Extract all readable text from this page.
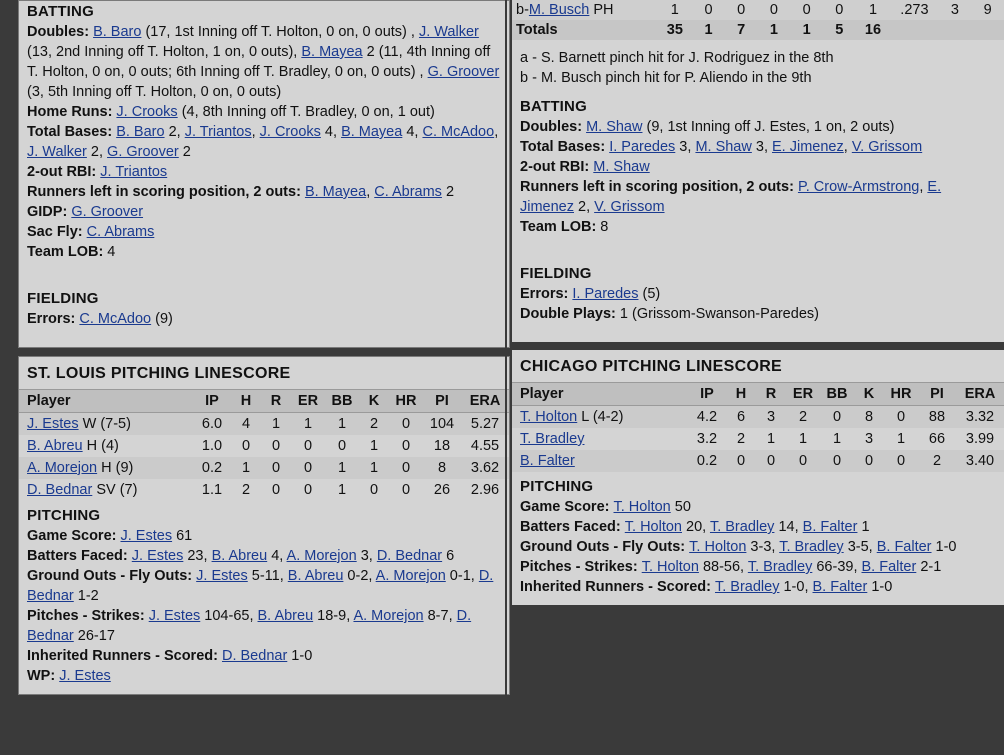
BATTING
Doubles: B. Baro (17, 1st Inning off T. Holton, 0 on, 0 outs) , J. Walker (13, 2nd Inning off T. Holton, 1 on, 0 outs), B. Mayea 2 (11, 4th Inning off T. Holton, 0 on, 0 outs; 6th Inning off T. Bradley, 0 on, 0 outs) , G. Groover (3, 5th Inning off T. Holton, 0 on, 0 outs)
Home Runs: J. Crooks (4, 8th Inning off T. Bradley, 0 on, 1 out)
Total Bases: B. Baro 2, J. Triantos, J. Crooks 4, B. Mayea 4, C. McAdoo, J. Walker 2, G. Groover 2
2-out RBI: J. Triantos
Runners left in scoring position, 2 outs: B. Mayea, C. Abrams 2
GIDP: G. Groover
Sac Fly: C. Abrams
Team LOB: 4
FIELDING
Errors: C. McAdoo (9)
ST. LOUIS PITCHING LINESCORE
Player	IP	H	R	ER	BB	K	HR	PI	ERA
J. Estes W (7-5)	6.0	4	1	1	1	2	0	104	5.27
B. Abreu H (4)	1.0	0	0	0	0	1	0	18	4.55
A. Morejon H (9)	0.2	1	0	0	1	1	0	8	3.62
D. Bednar SV (7)	1.1	2	0	0	1	0	0	26	2.96
PITCHING
Game Score: J. Estes 61
Batters Faced: J. Estes 23, B. Abreu 4, A. Morejon 3, D. Bednar 6
Ground Outs - Fly Outs: J. Estes 5-11, B. Abreu 0-2, A. Morejon 0-1, D. Bednar 1-2
Pitches - Strikes: J. Estes 104-65, B. Abreu 18-9, A. Morejon 8-7, D. Bednar 26-17
Inherited Runners - Scored: D. Bednar 1-0
WP: J. Estes
b-M. Busch PH	1	0	0	0	0	0	1	.273	3	9
Totals	35	1	7	1	1	5	16			
a - S. Barnett pinch hit for J. Rodriguez in the 8th
b - M. Busch pinch hit for P. Aliendo in the 9th
BATTING
Doubles: M. Shaw (9, 1st Inning off J. Estes, 1 on, 2 outs)
Total Bases: I. Paredes 3, M. Shaw 3, E. Jimenez, V. Grissom
2-out RBI: M. Shaw
Runners left in scoring position, 2 outs: P. Crow-Armstrong, E. Jimenez 2, V. Grissom
Team LOB: 8
FIELDING
Errors: I. Paredes (5)
Double Plays: 1 (Grissom-Swanson-Paredes)
CHICAGO PITCHING LINESCORE
Player	IP	H	R	ER	BB	K	HR	PI	ERA
T. Holton L (4-2)	4.2	6	3	2	0	8	0	88	3.32
T. Bradley	3.2	2	1	1	1	3	1	66	3.99
B. Falter	0.2	0	0	0	0	0	0	2	3.40
PITCHING
Game Score: T. Holton 50
Batters Faced: T. Holton 20, T. Bradley 14, B. Falter 1
Ground Outs - Fly Outs: T. Holton 3-3, T. Bradley 3-5, B. Falter 1-0
Pitches - Strikes: T. Holton 88-56, T. Bradley 66-39, B. Falter 2-1
Inherited Runners - Scored: T. Bradley 1-0, B. Falter 1-0
